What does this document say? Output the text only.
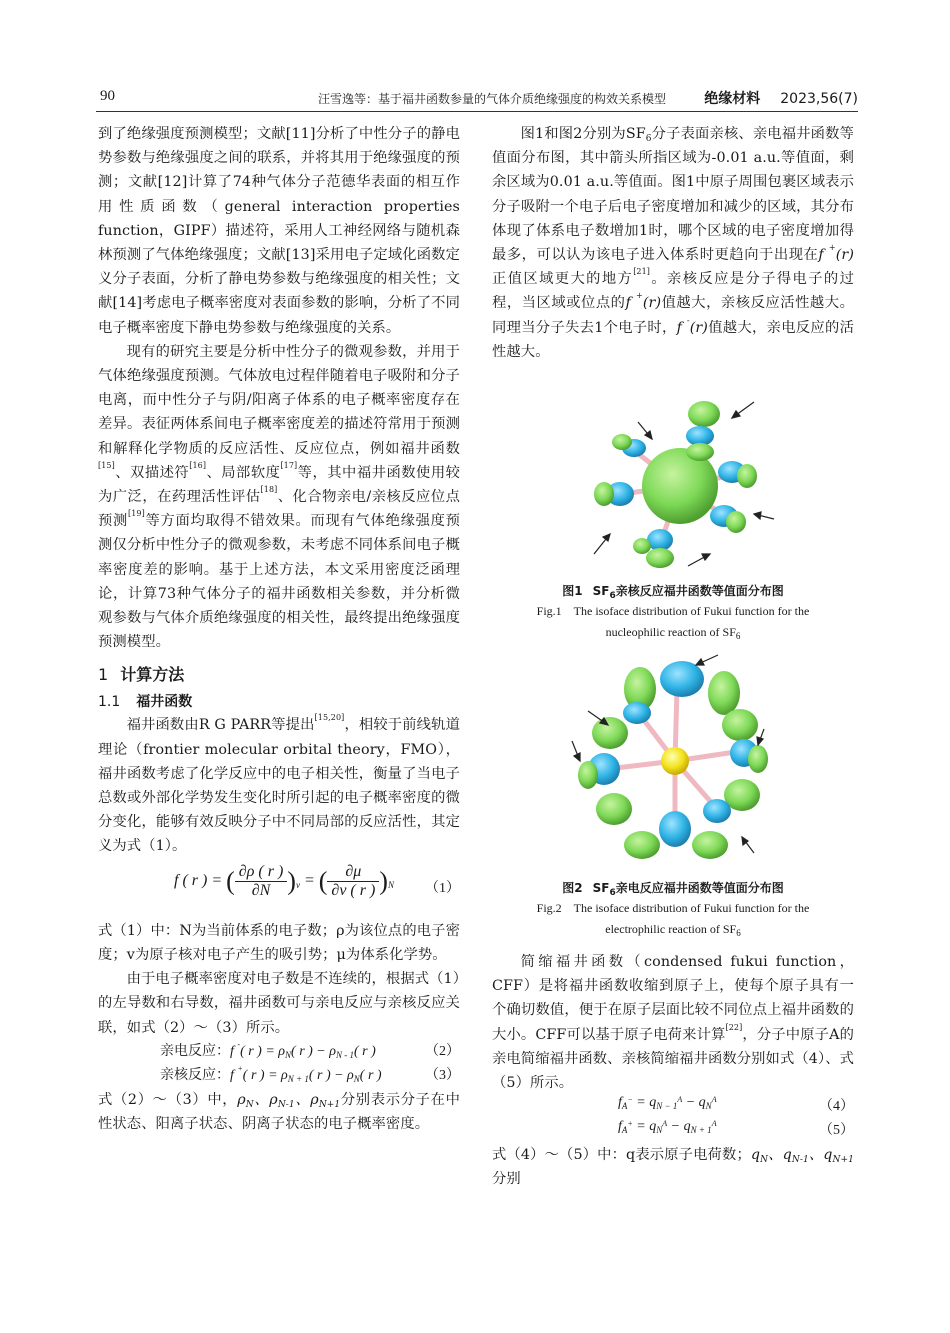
90	汪雪逸等：基于福井函数参量的气体介质绝缘强度的构效关系模型	绝缘材料 2023,56(7)

到了绝缘强度预测模型；文献[11]分析了中性分子的静电势参数与绝缘强度之间的联系，并将其用于绝缘强度的预测；文献[12]计算了74种气体分子范德华表面的相互作用性质函数（general interaction properties function，GIPF）描述符，采用人工神经网络与随机森林预测了气体绝缘强度；文献[13]采用电子定域化函数定义分子表面，分析了静电势参数与绝缘强度的相关性；文献[14]考虑电子概率密度对表面参数的影响，分析了不同电子概率密度下静电势参数与绝缘强度的关系。

现有的研究主要是分析中性分子的微观参数，并用于气体绝缘强度预测。气体放电过程伴随着电子吸附和分子电离，而中性分子与阴/阳离子体系的电子概率密度存在差异。表征两体系间电子概率密度差的描述符常用于预测和解释化学物质的反应活性、反应位点，例如福井函数[15]、双描述符[16]、局部软度[17]等，其中福井函数使用较为广泛，在药理活性评估[18]、化合物亲电/亲核反应位点预测[19]等方面均取得不错效果。而现有气体绝缘强度预测仅分析中性分子的微观参数，未考虑不同体系间电子概率密度差的影响。基于上述方法，本文采用密度泛函理论，计算73种气体分子的福井函数相关参数，并分析微观参数与气体介质绝缘强度的相关性，最终提出绝缘强度预测模型。

1 计算方法
1.1 福井函数

福井函数由R G PARR等提出[15,20]，相较于前线轨道理论（frontier molecular orbital theory，FMO），福井函数考虑了化学反应中的电子相关性，衡量了当电子总数或外部化学势发生变化时所引起的电子概率密度的微分变化，能够有效反映分子中不同局部的反应活性，其定义为式（1）。

f ( r ) = ( $\frac{\partial\rho ( r )}{\partial N} )_v$ = ( $\frac{\partial\mu}{\partial v ( r )} )_N$ （1）

式（1）中：N为当前体系的电子数；ρ为该位点的电子密度；v为原子核对电子产生的吸引势；μ为体系化学势。

由于电子概率密度对电子数是不连续的，根据式（1）的左导数和右导数，福井函数可与亲电反应与亲核反应关联，如式（2）～（3）所示。

亲电反应：f -( r ) = $\rho_N$( r ) − $\rho_{N - 1}$( r )	（2）
亲核反应：f +( r ) = $\rho_{N + 1}$( r ) − $\rho_N$( r )	（3）

式（2）～（3）中，$\rho_N$、$\rho_{N-1}$、$\rho_{N+1}$分别表示分子在中性状态、阳离子状态、阴离子状态的电子概率密度。

图1和图2分别为$SF_6$分子表面亲核、亲电福井函数等值面分布图，其中箭头所指区域为-0.01 a.u.等值面，剩余区域为0.01 a.u.等值面。图1中原子周围包裹区域表示分子吸附一个电子后电子密度增加和减少的区域，其分布体现了体系电子数增加1时，哪个区域的电子密度增加得最多，可以认为该电子进入体系时更趋向于出现在f +(r)正值区域更大的地方[21]。亲核反应是分子得电子的过程，当区域或位点的f +(r)值越大，亲核反应活性越大。同理当分子失去1个电子时，f -(r)值越大，亲电反应的活性越大。

图1 $SF_6$亲核反应福井函数等值面分布图
Fig.1　The isoface distribution of Fukui function for the
nucleophilic reaction of $SF_6$
图2 $SF_6$亲电反应福井函数等值面分布图
Fig.2　The isoface distribution of Fukui function for the
electrophilic reaction of $SF_6$

简缩福井函数（condensed fukui function，CFF）是将福井函数收缩到原子上，使每个原子具有一个确切数值，便于在原子层面比较不同位点上福井函数的大小。CFF可以基于原子电荷来计算[22]，分子中原子A的亲电简缩福井函数、亲核简缩福井函数分别如式（4）、式（5）所示。

$f_A^- = q_{N - 1}^A - q_N^A$	（4）
$f_A^+ = q_N^A - q_{N + 1}^A$	（5）

式（4）～（5）中：q表示原子电荷数；$q_N$、$q_{N-1}$、$q_{N+1}$分别
